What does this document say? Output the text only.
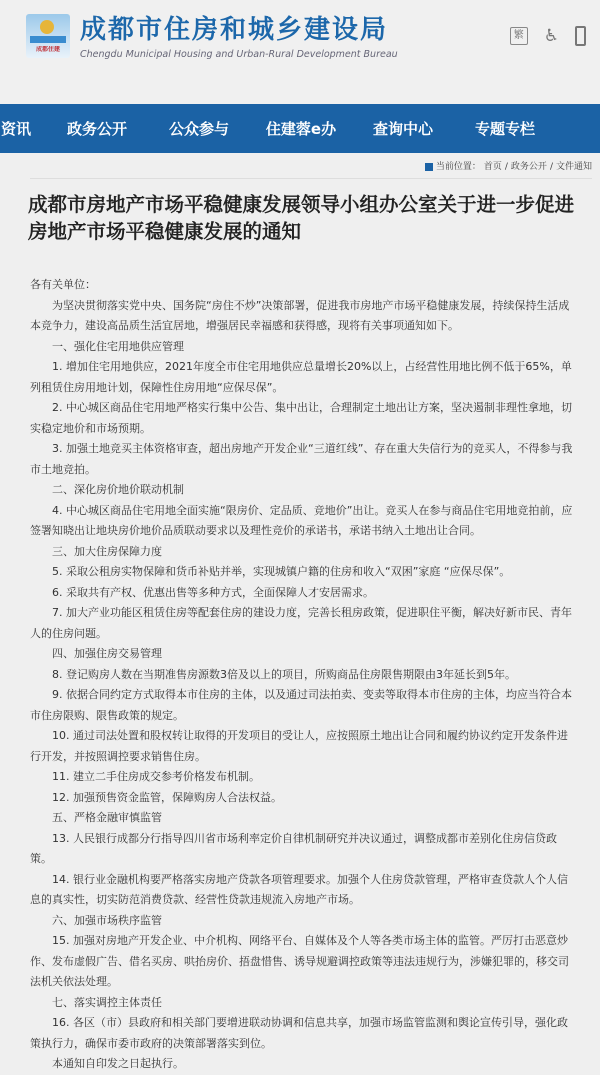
成都住建
成都市住房和城乡建设局
Chengdu Municipal Housing and Urban-Rural Development Bureau
繁 ♿
资讯	政务公开	公众参与	住建蓉e办	查询中心	专题专栏
当前位置： 首页 / 政务公开 / 文件通知
成都市房地产市场平稳健康发展领导小组办公室关于进一步促进房地产市场平稳健康发展的通知

各有关单位：

为坚决贯彻落实党中央、国务院“房住不炒”决策部署，促进我市房地产市场平稳健康发展，持续保持生活成本竞争力，建设高品质生活宜居地，增强居民幸福感和获得感，现将有关事项通知如下。

一、强化住宅用地供应管理

1. 增加住宅用地供应，2021年度全市住宅用地供应总量增长20%以上，占经营性用地比例不低于65%，单列租赁住房用地计划，保障性住房用地“应保尽保”。

2. 中心城区商品住宅用地严格实行集中公告、集中出让，合理制定土地出让方案，坚决遏制非理性拿地，切实稳定地价和市场预期。

3. 加强土地竞买主体资格审查，超出房地产开发企业“三道红线”、存在重大失信行为的竞买人，不得参与我市土地竞拍。

二、深化房价地价联动机制

4. 中心城区商品住宅用地全面实施“限房价、定品质、竞地价”出让。竞买人在参与商品住宅用地竞拍前，应签署知晓出让地块房价地价品质联动要求以及理性竞价的承诺书，承诺书纳入土地出让合同。

三、加大住房保障力度

5. 采取公租房实物保障和货币补贴并举，实现城镇户籍的住房和收入“双困”家庭 “应保尽保”。

6. 采取共有产权、优惠出售等多种方式，全面保障人才安居需求。

7. 加大产业功能区租赁住房等配套住房的建设力度，完善长租房政策，促进职住平衡，解决好新市民、青年人的住房问题。

四、加强住房交易管理

8. 登记购房人数在当期准售房源数3倍及以上的项目，所购商品住房限售期限由3年延长到5年。

9. 依据合同约定方式取得本市住房的主体，以及通过司法拍卖、变卖等取得本市住房的主体，均应当符合本市住房限购、限售政策的规定。

10. 通过司法处置和股权转让取得的开发项目的受让人，应按照原土地出让合同和履约协议约定开发条件进行开发，并按照调控要求销售住房。

11. 建立二手住房成交参考价格发布机制。

12. 加强预售资金监管，保障购房人合法权益。

五、严格金融审慎监管

13. 人民银行成都分行指导四川省市场利率定价自律机制研究并决议通过，调整成都市差别化住房信贷政策。

14. 银行业金融机构要严格落实房地产贷款各项管理要求。加强个人住房贷款管理，严格审查贷款人个人信息的真实性，切实防范消费贷款、经营性贷款违规流入房地产市场。

六、加强市场秩序监管

15. 加强对房地产开发企业、中介机构、网络平台、自媒体及个人等各类市场主体的监管。严厉打击恶意炒作、发布虚假广告、借名买房、哄抬房价、捂盘惜售、诱导规避调控政策等违法违规行为，涉嫌犯罪的，移交司法机关依法处理。

七、落实调控主体责任

16. 各区（市）县政府和相关部门要增进联动协调和信息共享，加强市场监管监测和舆论宣传引导，强化政策执行力，确保市委市政府的决策部署落实到位。

本通知自印发之日起执行。
